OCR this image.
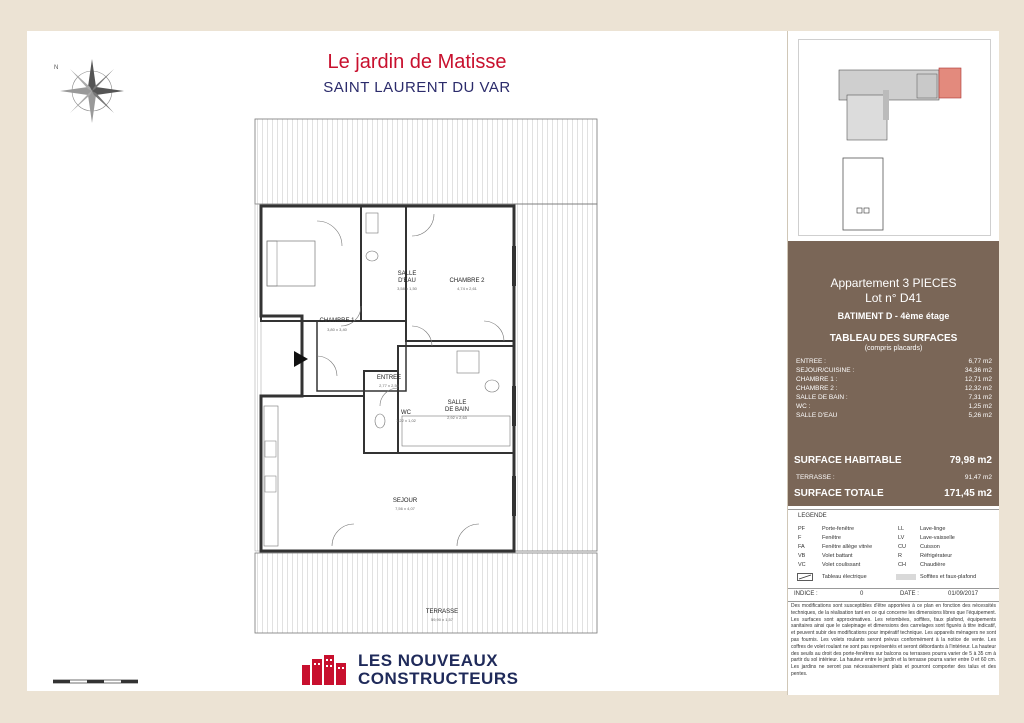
N	Le jardin de Matisse
SAINT LAURENT DU VAR
CHAMBRE 1
3,80 x 3,40
SALLE
D'EAU
3,58 x 1,50
CHAMBRE 2
4,74 x 2,61
ENTREE
2,77 x 2,56
WC
1,22 x 1,02
SALLE
DE BAIN
2,92 x 2,63
SEJOUR
7,56 x 4,07
TERRASSE
59,90 x 1,57
LES NOUVEAUX
CONSTRUCTEURS
Appartement 3 PIECES
Lot n° D41
BATIMENT D - 4ème étage
TABLEAU DES SURFACES
(compris placards)
ENTREE :	6,77 m2
SEJOUR/CUISINE :	34,36 m2
CHAMBRE 1 :	12,71 m2
CHAMBRE 2 :	12,32 m2
SALLE DE BAIN :	7,31 m2
WC :	1,25 m2
SALLE D'EAU	5,26 m2
SURFACE HABITABLE	79,98 m2
TERRASSE :	91,47 m2
SURFACE TOTALE	171,45 m2
LEGENDE
PF	Porte-fenêtre
F	Fenêtre
FA	Fenêtre allège vitrée
VB	Volet battant
VC	Volet coulissant
LL	Lave-linge
LV	Lave-vaisselle
CU	Cuisson
R	Réfrigérateur
CH	Chaudière
Tableau électrique	Soffites et faux-plafond
INDICE :	0	DATE :	01/09/2017
Des modifications sont susceptibles d'être apportées à ce plan en fonction des nécessités techniques, de la réalisation tant en ce qui concerne les dimensions libres que l'équipement. Les surfaces sont approximatives. Les retombées, soffites, faux plafond, équipements sanitaires ainsi que le calepinage et dimensions des carrelages sont figurés à titre indicatif, et peuvent subir des modifications pour impératif technique. Les appareils ménagers ne sont pas fournis. Les volets roulants seront prévus conformément à la notice de vente. Les coffres de volet roulant ne sont pas représentés et seront débordants à l'intérieur. La hauteur des seuils au droit des porte-fenêtres sur balcons ou terrasses pourra varier de 5 à 35 cm à partir du sol intérieur. La hauteur entre le jardin et la terrasse pourra varier entre 0 et 60 cm. Les jardins ne seront pas nécessairement plats et pourront comporter des talus et des pentes.
